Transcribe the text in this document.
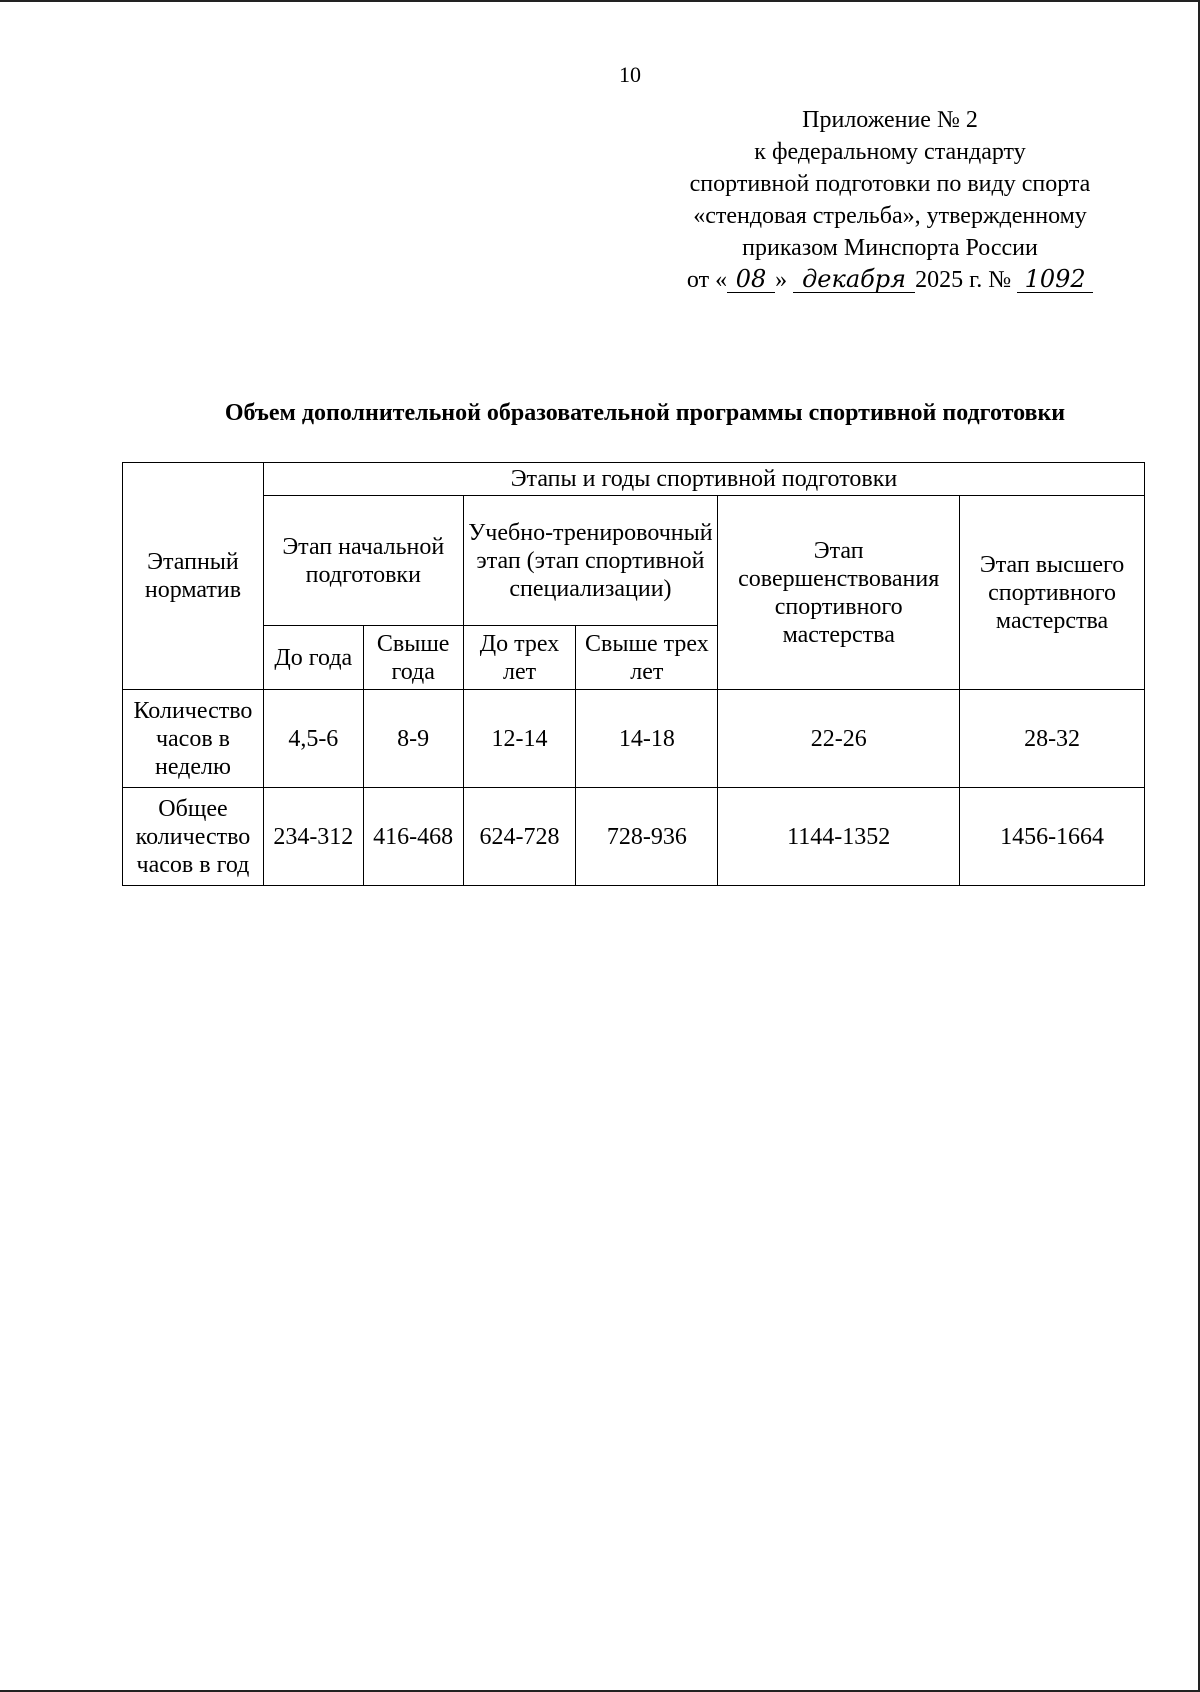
10
Приложение № 2
к федеральному стандарту
спортивной подготовки по виду спорта
«стендовая стрельба», утвержденному
приказом Минспорта России
от « 08 » декабря 2025 г. № 1092
Объем дополнительной образовательной программы спортивной подготовки
Этапный норматив	Этапы и годы спортивной подготовки					
	Этап начальной подготовки		Учебно-тренировочный этап (этап спортивной специализации)		Этап совершенствования спортивного мастерства	Этап высшего спортивного мастерства
	До года	Свыше года	До трех лет	Свыше трех лет		
Количество часов в неделю	4,5-6	8-9	12-14	14-18	22-26	28-32
Общее количество часов в год	234-312	416-468	624-728	728-936	1144-1352	1456-1664
